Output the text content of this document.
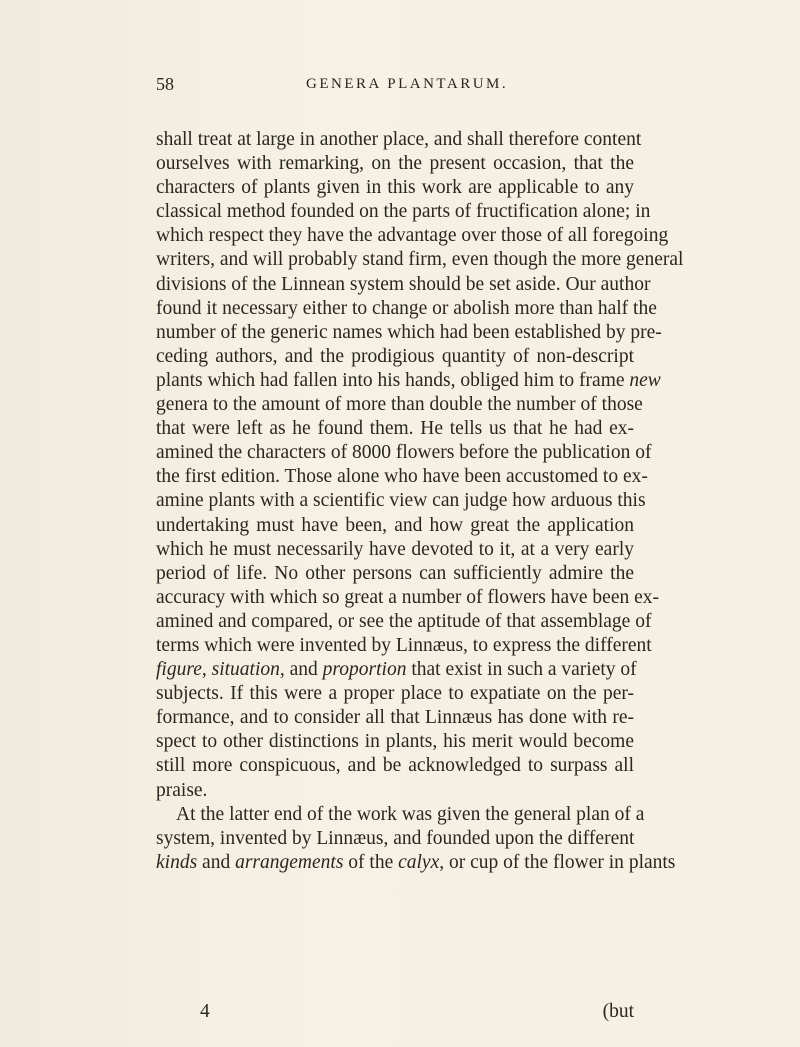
58	GENERA PLANTARUM.
shall treat at large in another place, and shall therefore content
ourselves with remarking, on the present occasion, that the
characters of plants given in this work are applicable to any
classical method founded on the parts of fructification alone; in
which respect they have the advantage over those of all foregoing
writers, and will probably stand firm, even though the more general
divisions of the Linnean system should be set aside. Our author
found it necessary either to change or abolish more than half the
number of the generic names which had been established by pre-
ceding authors, and the prodigious quantity of non-descript
plants which had fallen into his hands, obliged him to frame new
genera to the amount of more than double the number of those
that were left as he found them. He tells us that he had ex-
amined the characters of 8000 flowers before the publication of
the first edition. Those alone who have been accustomed to ex-
amine plants with a scientific view can judge how arduous this
undertaking must have been, and how great the application
which he must necessarily have devoted to it, at a very early
period of life. No other persons can sufficiently admire the
accuracy with which so great a number of flowers have been ex-
amined and compared, or see the aptitude of that assemblage of
terms which were invented by Linnæus, to express the different
figure, situation, and proportion that exist in such a variety of
subjects. If this were a proper place to expatiate on the per-
formance, and to consider all that Linnæus has done with re-
spect to other distinctions in plants, his merit would become
still more conspicuous, and be acknowledged to surpass all
praise.
At the latter end of the work was given the general plan of a
system, invented by Linnæus, and founded upon the different
kinds and arrangements of the calyx, or cup of the flower in plants
4	(but
